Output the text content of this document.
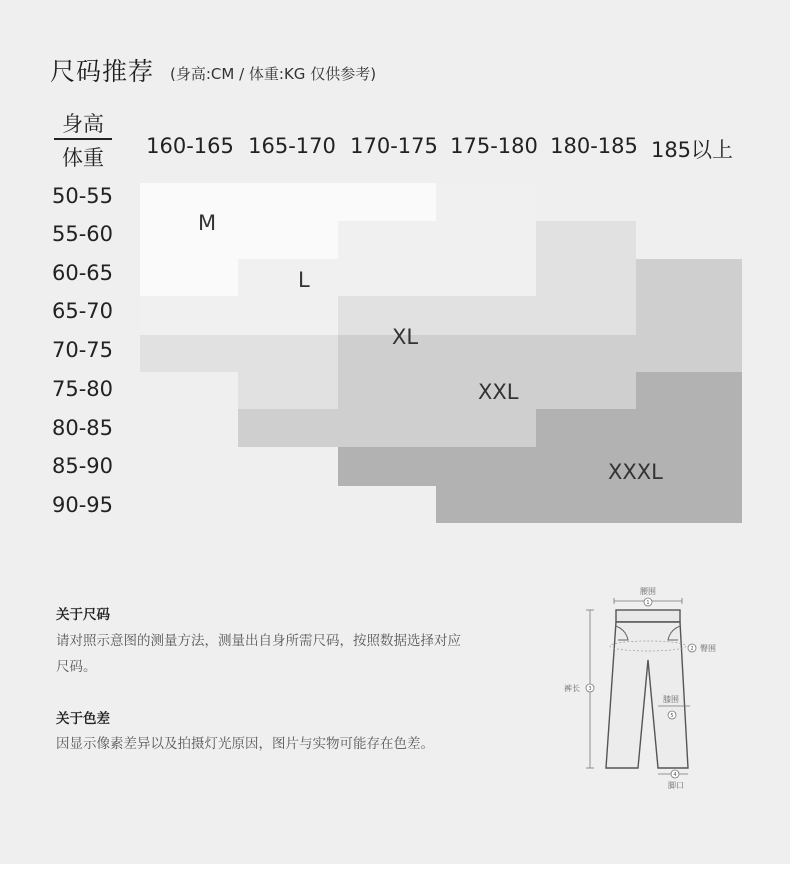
尺码推荐 (身高:CM / 体重:KG 仅供参考)
身高
体重 160-165 165-170 170-175 175-180 180-185 185以上
50-55
55-60
60-65
65-70
70-75
75-80
80-85
85-90
90-95
M
L
XL
XXL
XXXL
关于尺码
请对照示意图的测量方法，测量出自身所需尺码，按照数据选择对应尺码。
关于色差
因显示像素差异以及拍摄灯光原因，图片与实物可能存在色差。
1
腰围
2 臀围
3
裤长
膝围
5
4
脚口
